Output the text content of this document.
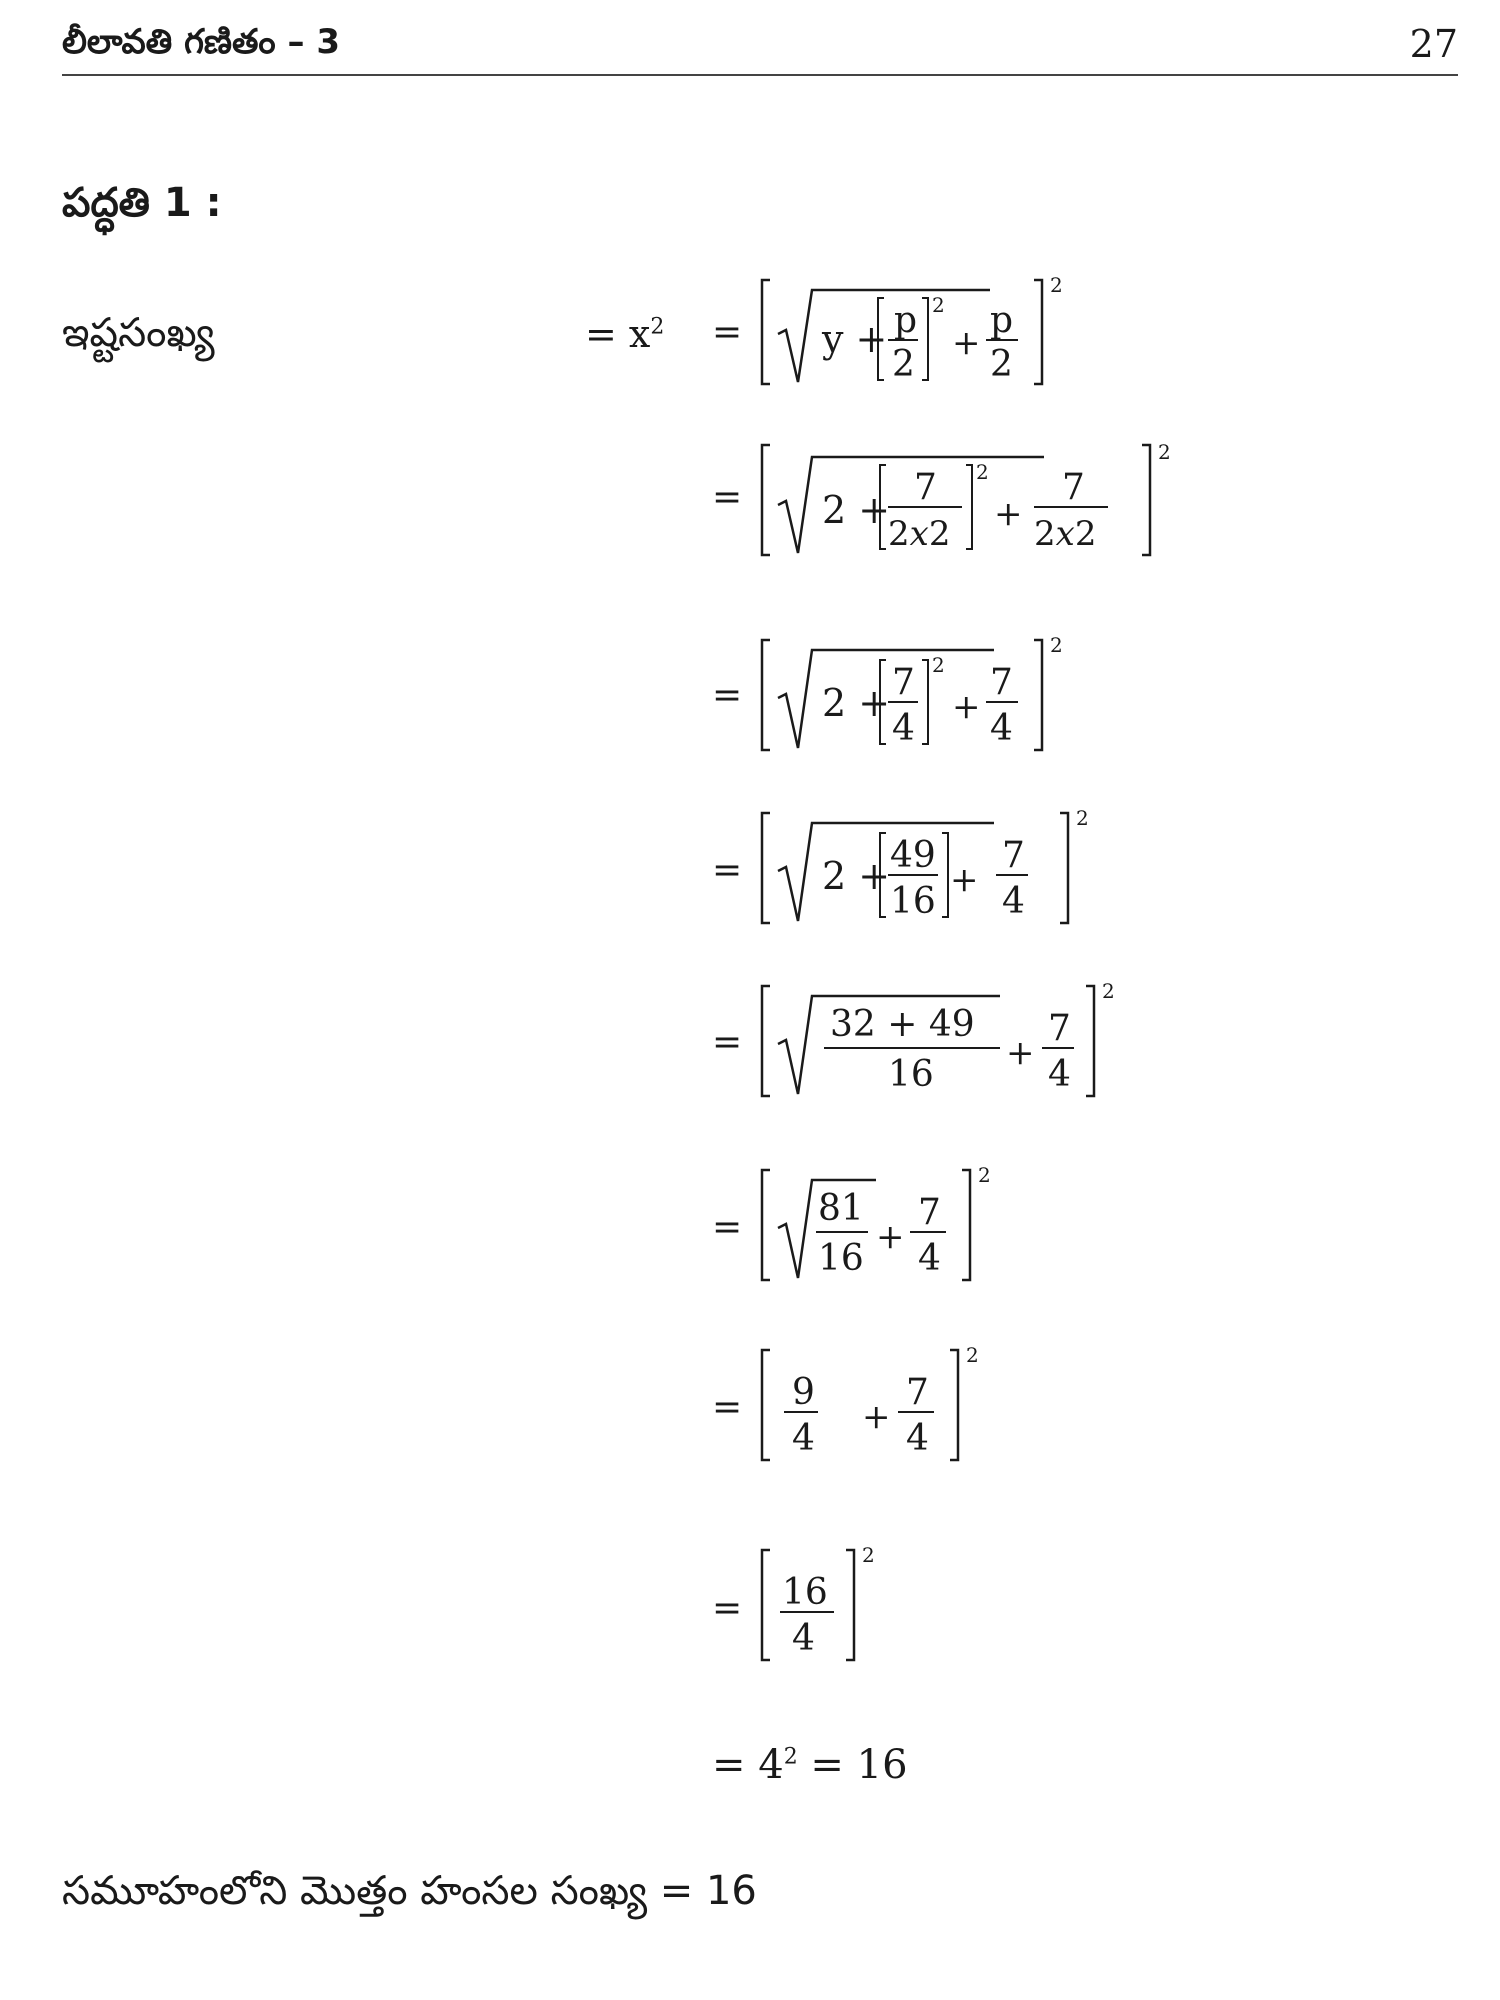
లీలావతి గణితం – 3	27
పద్ధతి 1 :
ఇష్టసంఖ్య	= $x^2$ =
=
=
=
=
=
=
=
y + p
2
2
+
p
2
2
2 +
7
2x2
2
+
7
2x2
2
2 + 7
4
2
+
7
4
2
2 + 49
16
+
7
4
2
32 + 49
16
+
7
4
2
81
16
+
7
4
2
9
4
+
7
4
2
16
4
2
= $4^2 = 16$
సమూహంలోని మొత్తం హంసల సంఖ్య = 16
